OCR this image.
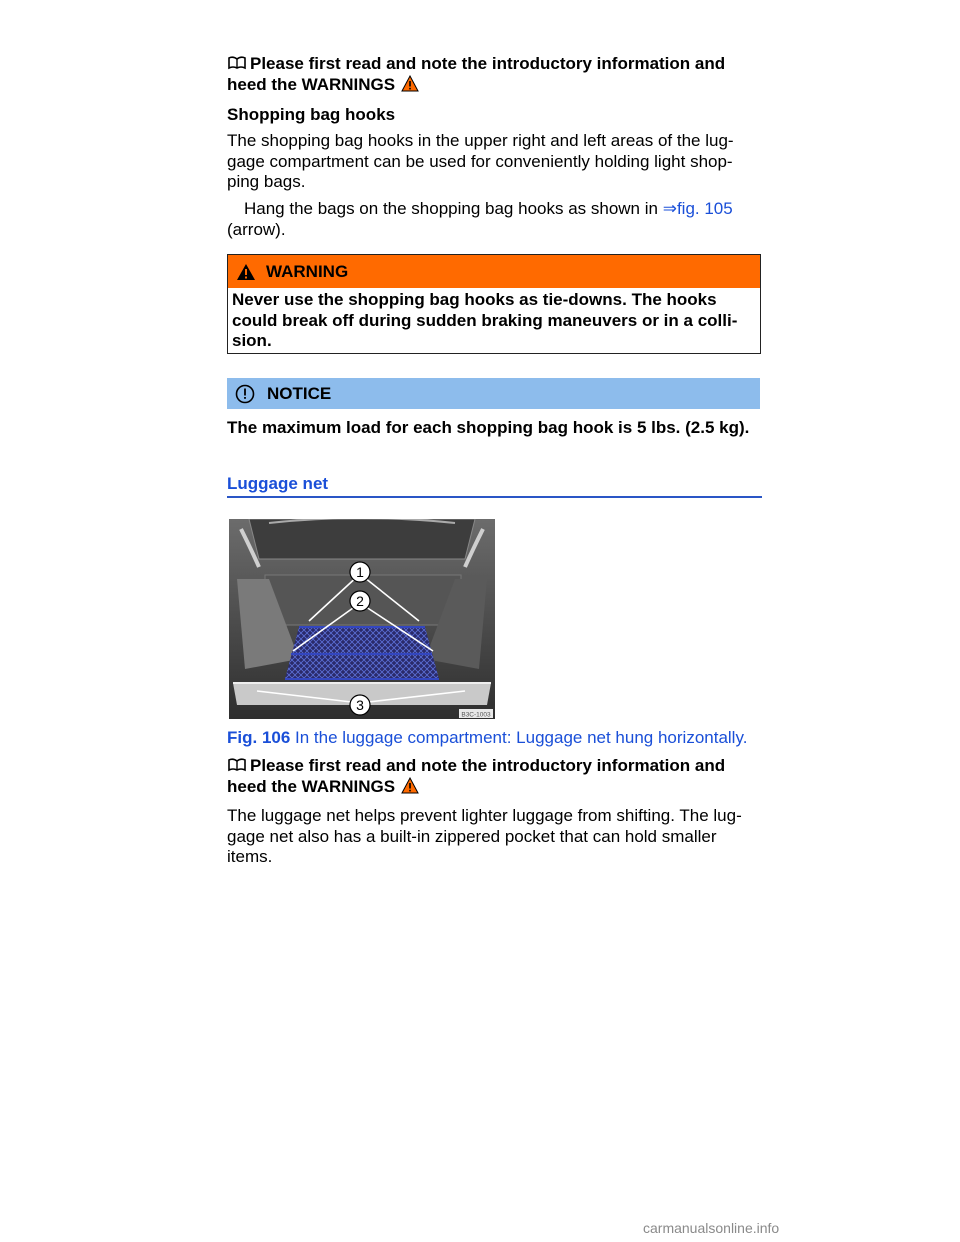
Please first read and note the introductory information and

heed the WARNINGS

Shopping bag hooks

The shopping bag hooks in the upper right and left areas of the lug-

gage compartment can be used for conveniently holding light shop-

ping bags.

Hang the bags on the shopping bag hooks as shown in ⇒fig. 105

(arrow).

WARNING
Never use the shopping bag hooks as tie-downs. The hooks
could break off during sudden braking maneuvers or in a colli-
sion.
NOTICE

The maximum load for each shopping bag hook is 5 lbs. (2.5 kg).

Luggage net
1
2
3
B3C-1003
Fig. 106 In the luggage compartment: Luggage net hung horizontally.

Please first read and note the introductory information and

heed the WARNINGS

The luggage net helps prevent lighter luggage from shifting. The lug-

gage net also has a built-in zippered pocket that can hold smaller

items.

carmanualsonline.info
